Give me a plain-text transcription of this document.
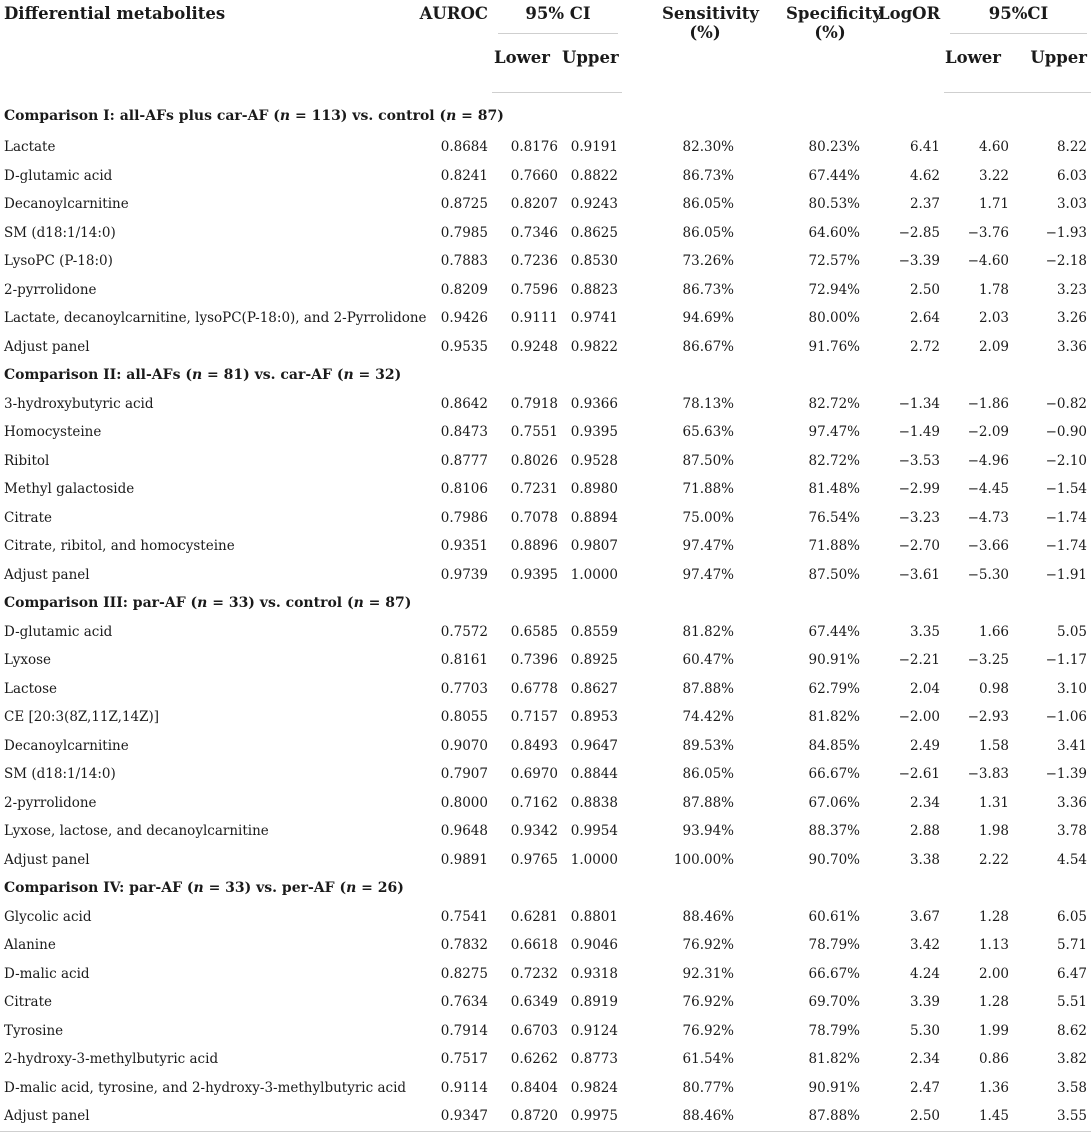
Differential metabolites	AUROC	95% CI		Sensitivity (%)	Specificity (%)	LogOR	95%CI	

		Lower	Upper				Lower	Upper
Comparison I: all-AFs plus car-AF (n = 113) vs. control (n = 87)								
Lactate	0.8684	0.8176	0.9191	82.30%	80.23%	6.41	4.60	8.22
D-glutamic acid	0.8241	0.7660	0.8822	86.73%	67.44%	4.62	3.22	6.03
Decanoylcarnitine	0.8725	0.8207	0.9243	86.05%	80.53%	2.37	1.71	3.03
SM (d18:1/14:0)	0.7985	0.7346	0.8625	86.05%	64.60%	−2.85	−3.76	−1.93
LysoPC (P-18:0)	0.7883	0.7236	0.8530	73.26%	72.57%	−3.39	−4.60	−2.18
2-pyrrolidone	0.8209	0.7596	0.8823	86.73%	72.94%	2.50	1.78	3.23
Lactate, decanoylcarnitine, lysoPC(P-18:0), and 2-Pyrrolidone	0.9426	0.9111	0.9741	94.69%	80.00%	2.64	2.03	3.26
Adjust panel	0.9535	0.9248	0.9822	86.67%	91.76%	2.72	2.09	3.36
Comparison II: all-AFs (n = 81) vs. car-AF (n = 32)								
3-hydroxybutyric acid	0.8642	0.7918	0.9366	78.13%	82.72%	−1.34	−1.86	−0.82
Homocysteine	0.8473	0.7551	0.9395	65.63%	97.47%	−1.49	−2.09	−0.90
Ribitol	0.8777	0.8026	0.9528	87.50%	82.72%	−3.53	−4.96	−2.10
Methyl galactoside	0.8106	0.7231	0.8980	71.88%	81.48%	−2.99	−4.45	−1.54
Citrate	0.7986	0.7078	0.8894	75.00%	76.54%	−3.23	−4.73	−1.74
Citrate, ribitol, and homocysteine	0.9351	0.8896	0.9807	97.47%	71.88%	−2.70	−3.66	−1.74
Adjust panel	0.9739	0.9395	1.0000	97.47%	87.50%	−3.61	−5.30	−1.91
Comparison III: par-AF (n = 33) vs. control (n = 87)								
D-glutamic acid	0.7572	0.6585	0.8559	81.82%	67.44%	3.35	1.66	5.05
Lyxose	0.8161	0.7396	0.8925	60.47%	90.91%	−2.21	−3.25	−1.17
Lactose	0.7703	0.6778	0.8627	87.88%	62.79%	2.04	0.98	3.10
CE [20:3(8Z,11Z,14Z)]	0.8055	0.7157	0.8953	74.42%	81.82%	−2.00	−2.93	−1.06
Decanoylcarnitine	0.9070	0.8493	0.9647	89.53%	84.85%	2.49	1.58	3.41
SM (d18:1/14:0)	0.7907	0.6970	0.8844	86.05%	66.67%	−2.61	−3.83	−1.39
2-pyrrolidone	0.8000	0.7162	0.8838	87.88%	67.06%	2.34	1.31	3.36
Lyxose, lactose, and decanoylcarnitine	0.9648	0.9342	0.9954	93.94%	88.37%	2.88	1.98	3.78
Adjust panel	0.9891	0.9765	1.0000	100.00%	90.70%	3.38	2.22	4.54
Comparison IV: par-AF (n = 33) vs. per-AF (n = 26)								
Glycolic acid	0.7541	0.6281	0.8801	88.46%	60.61%	3.67	1.28	6.05
Alanine	0.7832	0.6618	0.9046	76.92%	78.79%	3.42	1.13	5.71
D-malic acid	0.8275	0.7232	0.9318	92.31%	66.67%	4.24	2.00	6.47
Citrate	0.7634	0.6349	0.8919	76.92%	69.70%	3.39	1.28	5.51
Tyrosine	0.7914	0.6703	0.9124	76.92%	78.79%	5.30	1.99	8.62
2-hydroxy-3-methylbutyric acid	0.7517	0.6262	0.8773	61.54%	81.82%	2.34	0.86	3.82
D-malic acid, tyrosine, and 2-hydroxy-3-methylbutyric acid	0.9114	0.8404	0.9824	80.77%	90.91%	2.47	1.36	3.58
Adjust panel	0.9347	0.8720	0.9975	88.46%	87.88%	2.50	1.45	3.55
